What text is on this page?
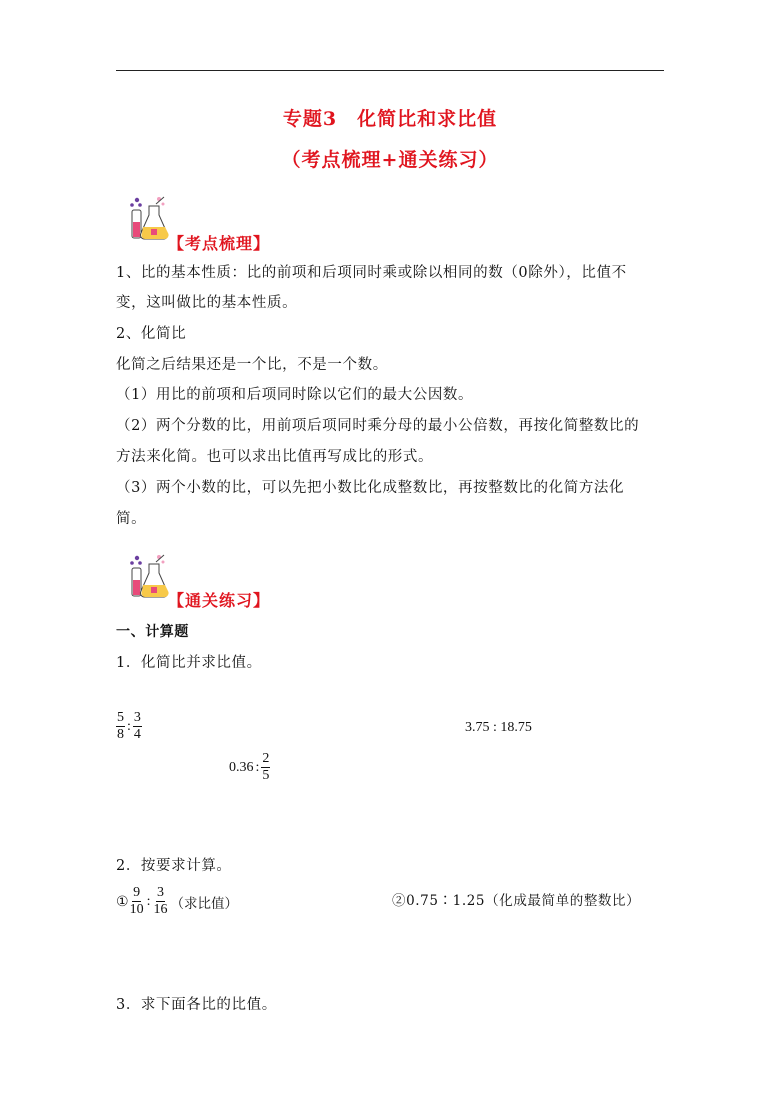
专题3　化简比和求比值
（考点梳理+通关练习）
【考点梳理】
1、比的基本性质：比的前项和后项同时乘或除以相同的数（0除外），比值不
变，这叫做比的基本性质。
2、化简比
化简之后结果还是一个比，不是一个数。
（1）用比的前项和后项同时除以它们的最大公因数。
（2）两个分数的比，用前项后项同时乘分母的最小公倍数，再按化简整数比的
方法来化简。也可以求出比值再写成比的形式。
（3）两个小数的比，可以先把小数比化成整数比，再按整数比的化简方法化
简。
【通关练习】
一、计算题
1．化简比并求比值。
$\frac{5}{8}$ : $\frac{3}{4}$	3.75 : 18.75
0.36 : $\frac{2}{5}$
2．按要求计算。
① $\frac{9}{10}$ : $\frac{3}{16}$ （求比值）	②0.75∶1.25（化成最简单的整数比）
3．求下面各比的比值。
